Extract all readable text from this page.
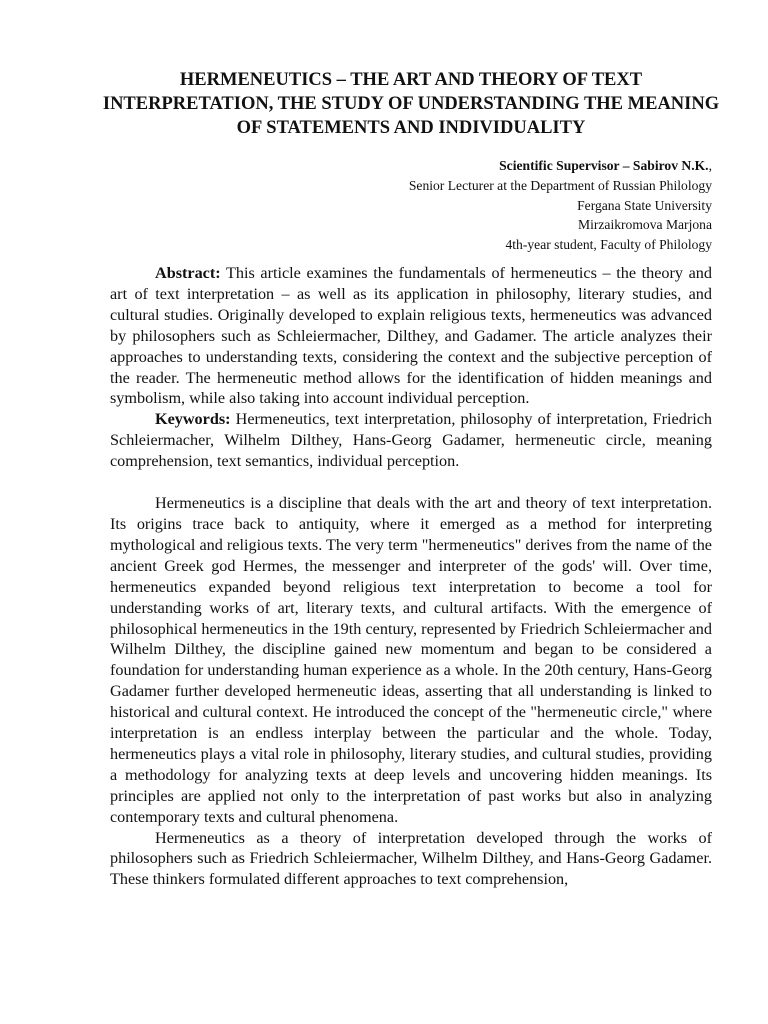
HERMENEUTICS – THE ART AND THEORY OF TEXT INTERPRETATION, THE STUDY OF UNDERSTANDING THE MEANING OF STATEMENTS AND INDIVIDUALITY
Scientific Supervisor – Sabirov N.K.,
Senior Lecturer at the Department of Russian Philology
Fergana State University
Mirzaikromova Marjona
4th-year student, Faculty of Philology

Abstract: This article examines the fundamentals of hermeneutics – the theory and art of text interpretation – as well as its application in philosophy, literary studies, and cultural studies. Originally developed to explain religious texts, hermeneutics was advanced by philosophers such as Schleiermacher, Dilthey, and Gadamer. The article analyzes their approaches to understanding texts, considering the context and the subjective perception of the reader. The hermeneutic method allows for the identification of hidden meanings and symbolism, while also taking into account individual perception.

Keywords: Hermeneutics, text interpretation, philosophy of interpretation, Friedrich Schleiermacher, Wilhelm Dilthey, Hans-Georg Gadamer, hermeneutic circle, meaning comprehension, text semantics, individual perception.

Hermeneutics is a discipline that deals with the art and theory of text interpretation. Its origins trace back to antiquity, where it emerged as a method for interpreting mythological and religious texts. The very term "hermeneutics" derives from the name of the ancient Greek god Hermes, the messenger and interpreter of the gods' will. Over time, hermeneutics expanded beyond religious text interpretation to become a tool for understanding works of art, literary texts, and cultural artifacts. With the emergence of philosophical hermeneutics in the 19th century, represented by Friedrich Schleiermacher and Wilhelm Dilthey, the discipline gained new momentum and began to be considered a foundation for understanding human experience as a whole. In the 20th century, Hans-Georg Gadamer further developed hermeneutic ideas, asserting that all understanding is linked to historical and cultural context. He introduced the concept of the "hermeneutic circle," where interpretation is an endless interplay between the particular and the whole. Today, hermeneutics plays a vital role in philosophy, literary studies, and cultural studies, providing a methodology for analyzing texts at deep levels and uncovering hidden meanings. Its principles are applied not only to the interpretation of past works but also in analyzing contemporary texts and cultural phenomena.

Hermeneutics as a theory of interpretation developed through the works of philosophers such as Friedrich Schleiermacher, Wilhelm Dilthey, and Hans-Georg Gadamer. These thinkers formulated different approaches to text comprehension,
